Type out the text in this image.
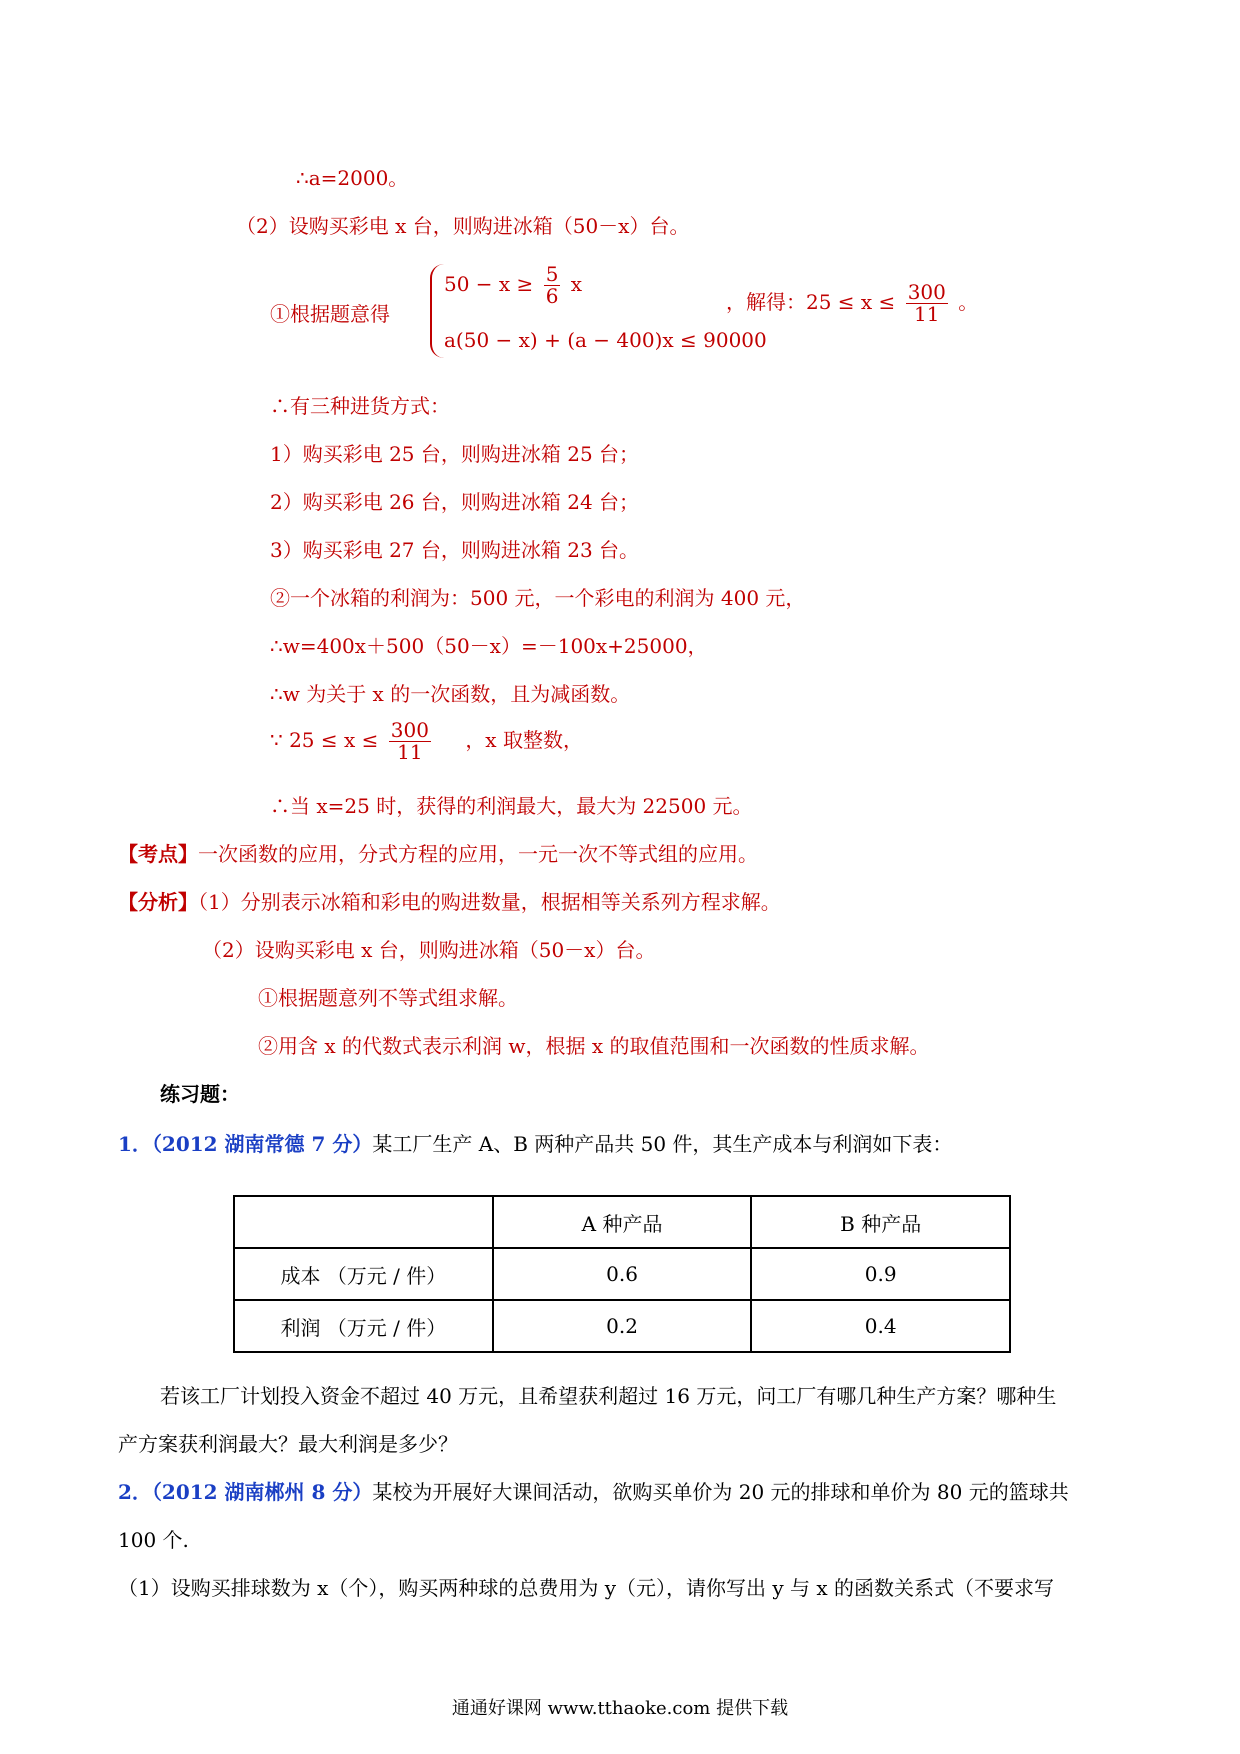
∴a=2000。
（2）设购买彩电 x 台，则购进冰箱（50－x）台。
①根据题意得
$50 - x \ge \frac{5}{6}$ x
a(50 − x) + (a − 400)x ≤ 90000
，解得：$25 \le x \le \frac{300}{11}$ 。
∴有三种进货方式：
1）购买彩电 25 台，则购进冰箱 25 台；
2）购买彩电 26 台，则购进冰箱 24 台；
3）购买彩电 27 台，则购进冰箱 23 台。
②一个冰箱的利润为：500 元，一个彩电的利润为 400 元，
∴w=400x＋500（50－x）=－100x+25000，
∴w 为关于 x 的一次函数，且为减函数。
∵ $25 \le x \le \frac{300}{11}$ ，x 取整数，
∴当 x=25 时，获得的利润最大，最大为 22500 元。
【考点】一次函数的应用，分式方程的应用，一元一次不等式组的应用。
【分析】（1）分别表示冰箱和彩电的购进数量，根据相等关系列方程求解。
（2）设购买彩电 x 台，则购进冰箱（50－x）台。
①根据题意列不等式组求解。
②用含 x 的代数式表示利润 w，根据 x 的取值范围和一次函数的性质求解。
练习题：
1．（2012 湖南常德 7 分）某工厂生产 A、B 两种产品共 50 件，其生产成本与利润如下表：
	A 种产品	B 种产品
成本 （万元 / 件）	0.6	0.9
利润 （万元 / 件）	0.2	0.4
若该工厂计划投入资金不超过 40 万元，且希望获利超过 16 万元，问工厂有哪几种生产方案？哪种生
产方案获利润最大？最大利润是多少？
2．（2012 湖南郴州 8 分）某校为开展好大课间活动，欲购买单价为 20 元的排球和单价为 80 元的篮球共
100 个.
（1）设购买排球数为 x（个），购买两种球的总费用为 y（元），请你写出 y 与 x 的函数关系式（不要求写
通通好课网 www.tthaoke.com 提供下载
